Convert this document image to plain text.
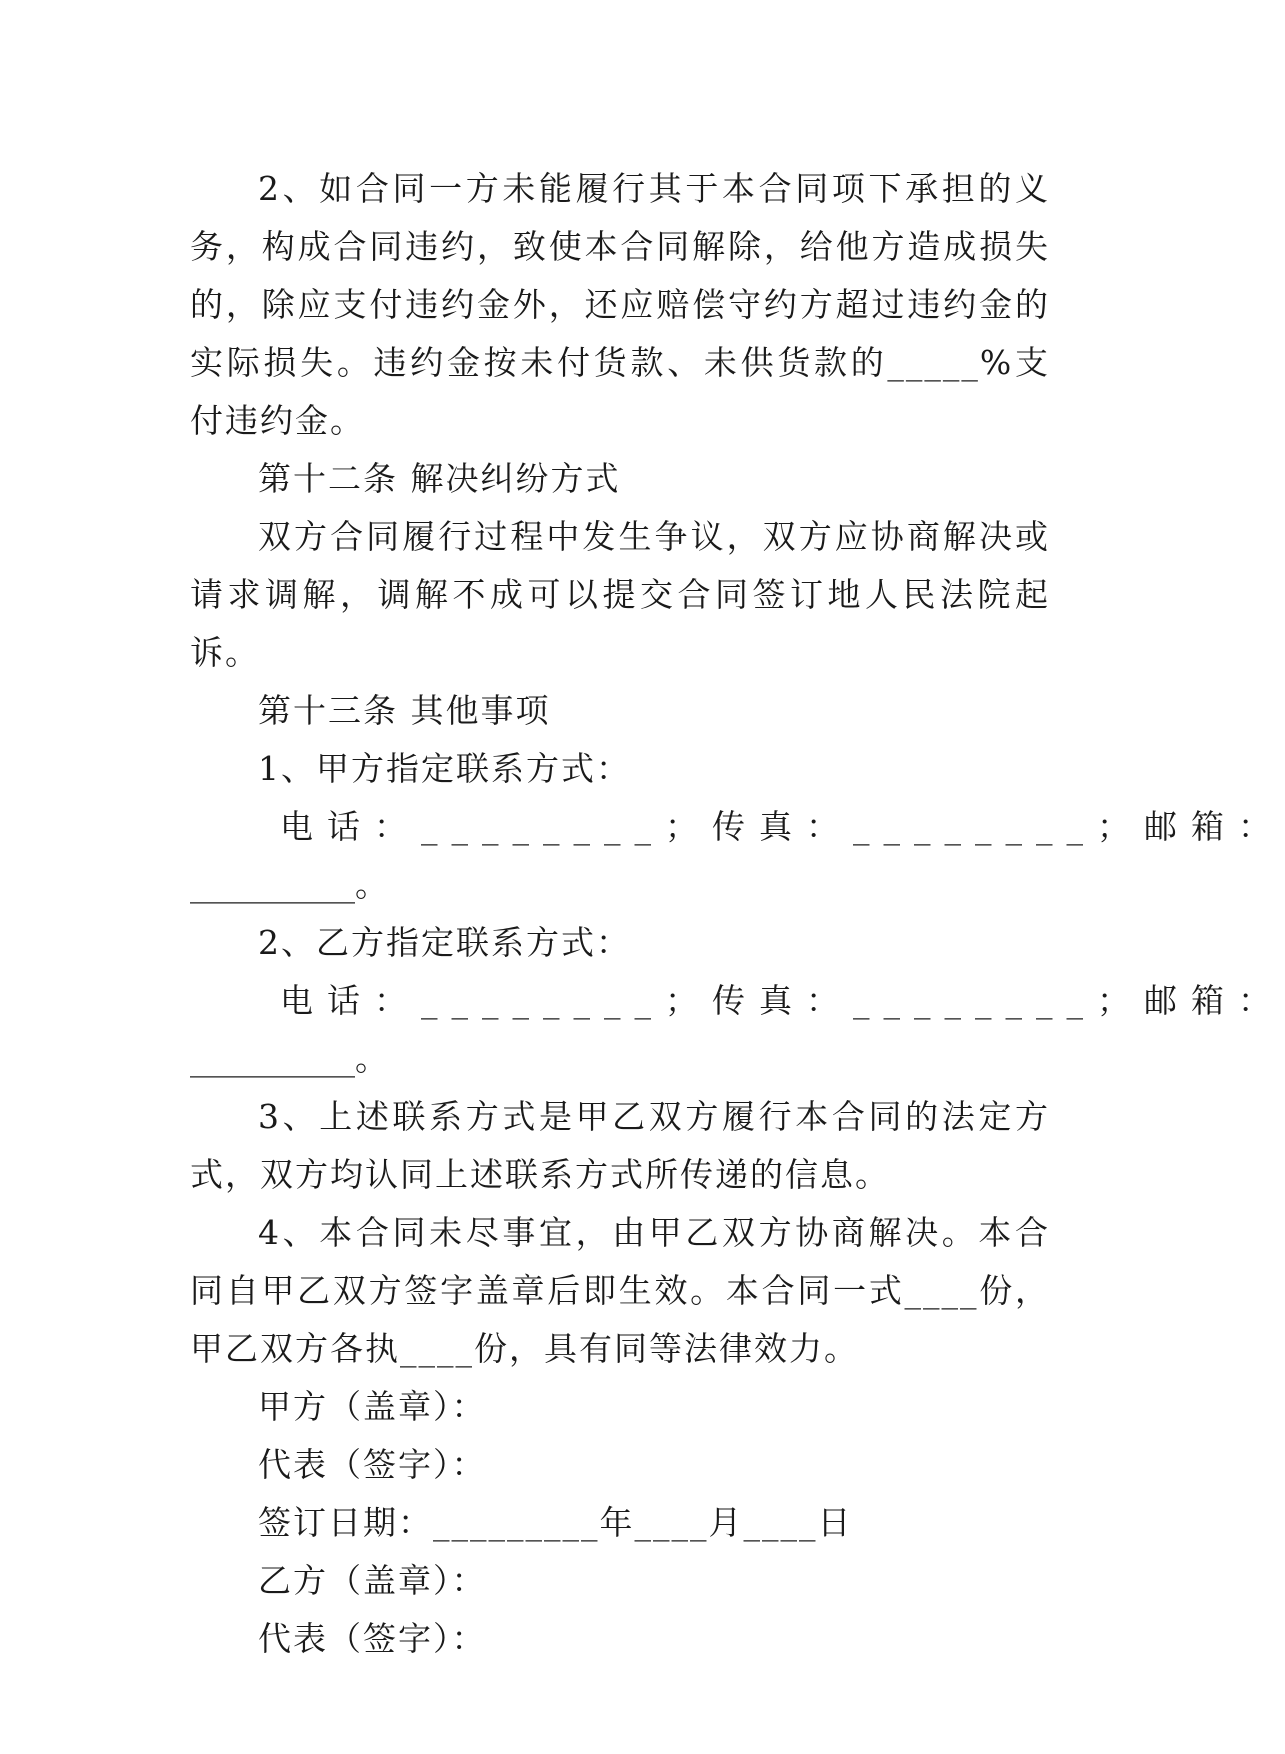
2、如合同一方未能履行其于本合同项下承担的义务，构成合同违约，致使本合同解除，给他方造成损失的，除应支付违约金外，还应赔偿守约方超过违约金的实际损失。违约金按未付货款、未供货款的_____%支付违约金。

第十二条 解决纠纷方式

双方合同履行过程中发生争议，双方应协商解决或请求调解，调解不成可以提交合同签订地人民法院起诉。

第十三条 其他事项

1、甲方指定联系方式：

电话：________； 传真：________； 邮箱：

__________。

2、乙方指定联系方式：

电话：________； 传真：________； 邮箱：

__________。

3、上述联系方式是甲乙双方履行本合同的法定方式，双方均认同上述联系方式所传递的信息。

4、本合同未尽事宜，由甲乙双方协商解决。本合同自甲乙双方签字盖章后即生效。本合同一式____份，甲乙双方各执____份，具有同等法律效力。

甲方（盖章）：

代表（签字）：

签订日期：_________年____月____日

乙方（盖章）：

代表（签字）：
